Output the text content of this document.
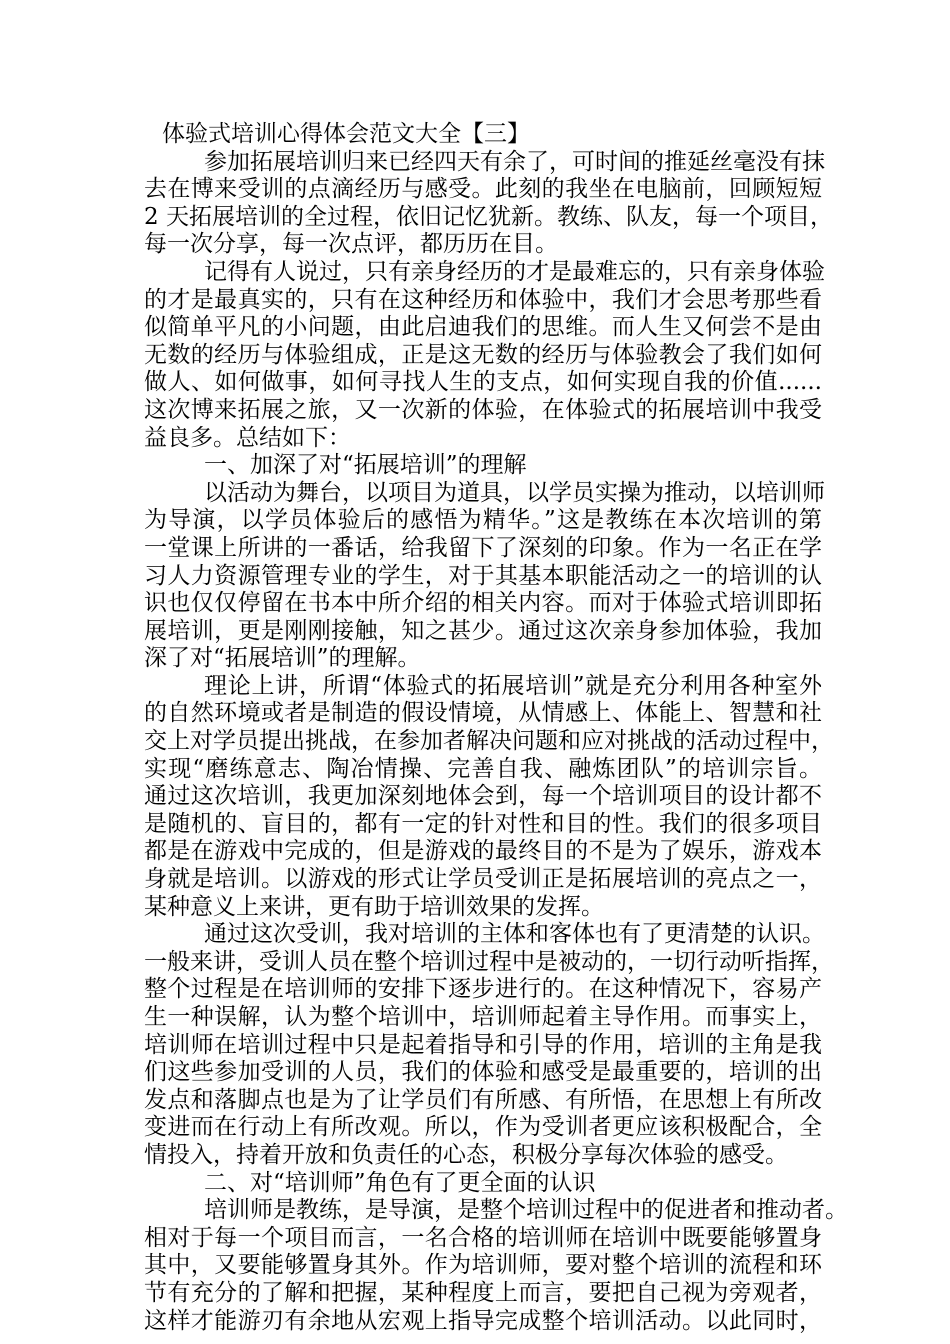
体验式培训心得体会范文大全【三】
参加拓展培训归来已经四天有余了，可时间的推延丝毫没有抹
去在博来受训的点滴经历与感受。此刻的我坐在电脑前，回顾短短
2 天拓展培训的全过程，依旧记忆犹新。教练、队友，每一个项目，
每一次分享，每一次点评，都历历在目。
记得有人说过，只有亲身经历的才是最难忘的，只有亲身体验
的才是最真实的，只有在这种经历和体验中，我们才会思考那些看
似简单平凡的小问题，由此启迪我们的思维。而人生又何尝不是由
无数的经历与体验组成，正是这无数的经历与体验教会了我们如何
做人、如何做事，如何寻找人生的支点，如何实现自我的价值......
这次博来拓展之旅，又一次新的体验，在体验式的拓展培训中我受
益良多。总结如下：
一、加深了对“拓展培训”的理解
以活动为舞台，以项目为道具，以学员实操为推动，以培训师
为导演，以学员体验后的感悟为精华。”这是教练在本次培训的第
一堂课上所讲的一番话，给我留下了深刻的印象。作为一名正在学
习人力资源管理专业的学生，对于其基本职能活动之一的培训的认
识也仅仅停留在书本中所介绍的相关内容。而对于体验式培训即拓
展培训，更是刚刚接触，知之甚少。通过这次亲身参加体验，我加
深了对“拓展培训”的理解。
理论上讲，所谓“体验式的拓展培训”就是充分利用各种室外
的自然环境或者是制造的假设情境，从情感上、体能上、智慧和社
交上对学员提出挑战，在参加者解决问题和应对挑战的活动过程中，
实现“磨练意志、陶冶情操、完善自我、融炼团队”的培训宗旨。
通过这次培训，我更加深刻地体会到，每一个培训项目的设计都不
是随机的、盲目的，都有一定的针对性和目的性。我们的很多项目
都是在游戏中完成的，但是游戏的最终目的不是为了娱乐，游戏本
身就是培训。以游戏的形式让学员受训正是拓展培训的亮点之一，
某种意义上来讲，更有助于培训效果的发挥。
通过这次受训，我对培训的主体和客体也有了更清楚的认识。
一般来讲，受训人员在整个培训过程中是被动的，一切行动听指挥，
整个过程是在培训师的安排下逐步进行的。在这种情况下，容易产
生一种误解，认为整个培训中，培训师起着主导作用。而事实上，
培训师在培训过程中只是起着指导和引导的作用，培训的主角是我
们这些参加受训的人员，我们的体验和感受是最重要的，培训的出
发点和落脚点也是为了让学员们有所感、有所悟，在思想上有所改
变进而在行动上有所改观。所以，作为受训者更应该积极配合，全
情投入，持着开放和负责任的心态，积极分享每次体验的感受。
二、对“培训师”角色有了更全面的认识
培训师是教练，是导演，是整个培训过程中的促进者和推动者。
相对于每一个项目而言，一名合格的培训师在培训中既要能够置身
其中，又要能够置身其外。作为培训师，要对整个培训的流程和环
节有充分的了解和把握，某种程度上而言，要把自己视为旁观者，
这样才能游刃有余地从宏观上指导完成整个培训活动。以此同时，
